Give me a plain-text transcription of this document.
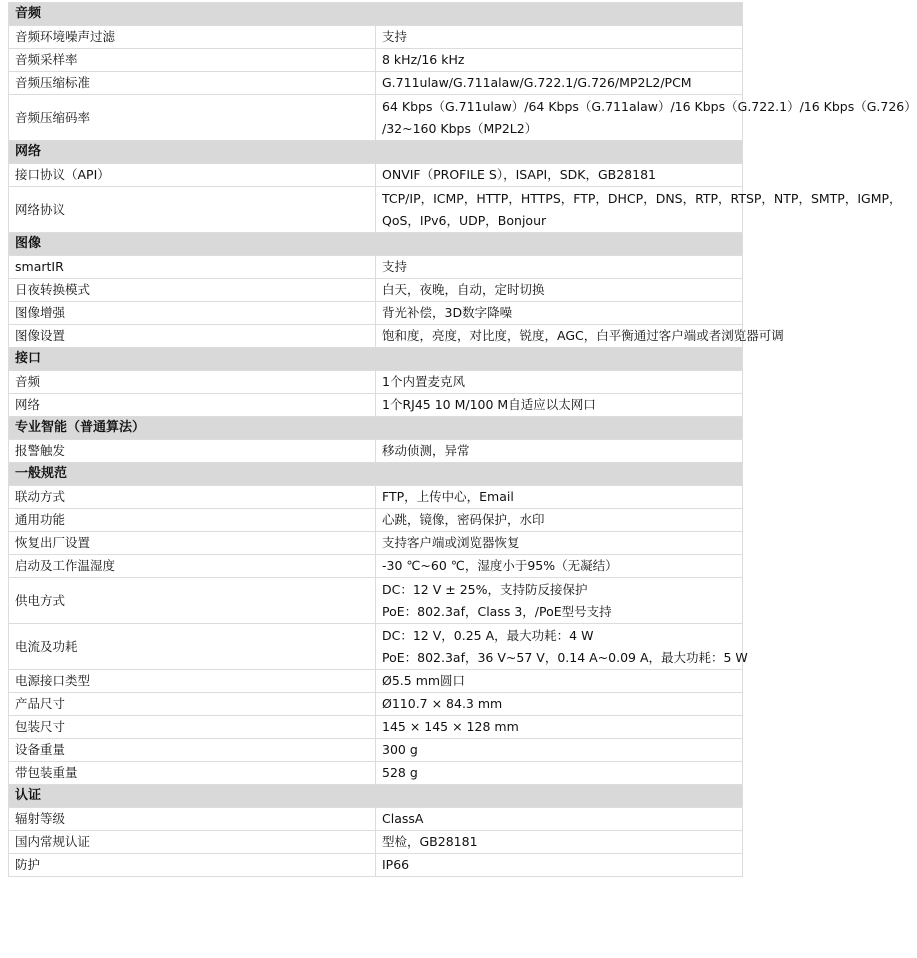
音频	
音频环境噪声过滤	支持

音频采样率	8 kHz/16 kHz

音频压缩标准	G.711ulaw/G.711alaw/G.722.1/G.726/MP2L2/PCM

音频压缩码率	64 Kbps（G.711ulaw）/64 Kbps（G.711alaw）/16 Kbps（G.722.1）/16 Kbps（G.726）
/32~160 Kbps（MP2L2）

网络	
接口协议（API）	ONVIF（PROFILE S），ISAPI，SDK，GB28181

网络协议	TCP/IP，ICMP，HTTP，HTTPS，FTP，DHCP，DNS，RTP，RTSP，NTP，SMTP，IGMP，
QoS，IPv6，UDP，Bonjour

图像	
smartIR	支持

日夜转换模式	白天，夜晚，自动，定时切换

图像增强	背光补偿，3D数字降噪

图像设置	饱和度，亮度，对比度，锐度，AGC，白平衡通过客户端或者浏览器可调

接口	
音频	1个内置麦克风

网络	1个RJ45 10 M/100 M自适应以太网口

专业智能（普通算法）	
报警触发	移动侦测，异常

一般规范	
联动方式	FTP，上传中心，Email

通用功能	心跳，镜像，密码保护，水印

恢复出厂设置	支持客户端或浏览器恢复

启动及工作温湿度	-30 ℃~60 ℃，湿度小于95%（无凝结）

供电方式	DC：12 V ± 25%，支持防反接保护
PoE：802.3af，Class 3，/PoE型号支持

电流及功耗	DC：12 V，0.25 A，最大功耗：4 W
PoE：802.3af，36 V~57 V，0.14 A~0.09 A，最大功耗：5 W

电源接口类型	Ø5.5 mm圆口

产品尺寸	Ø110.7 × 84.3 mm

包装尺寸	145 × 145 × 128 mm

设备重量	300 g

带包装重量	528 g

认证	
辐射等级	ClassA

国内常规认证	型检，GB28181

防护	IP66
